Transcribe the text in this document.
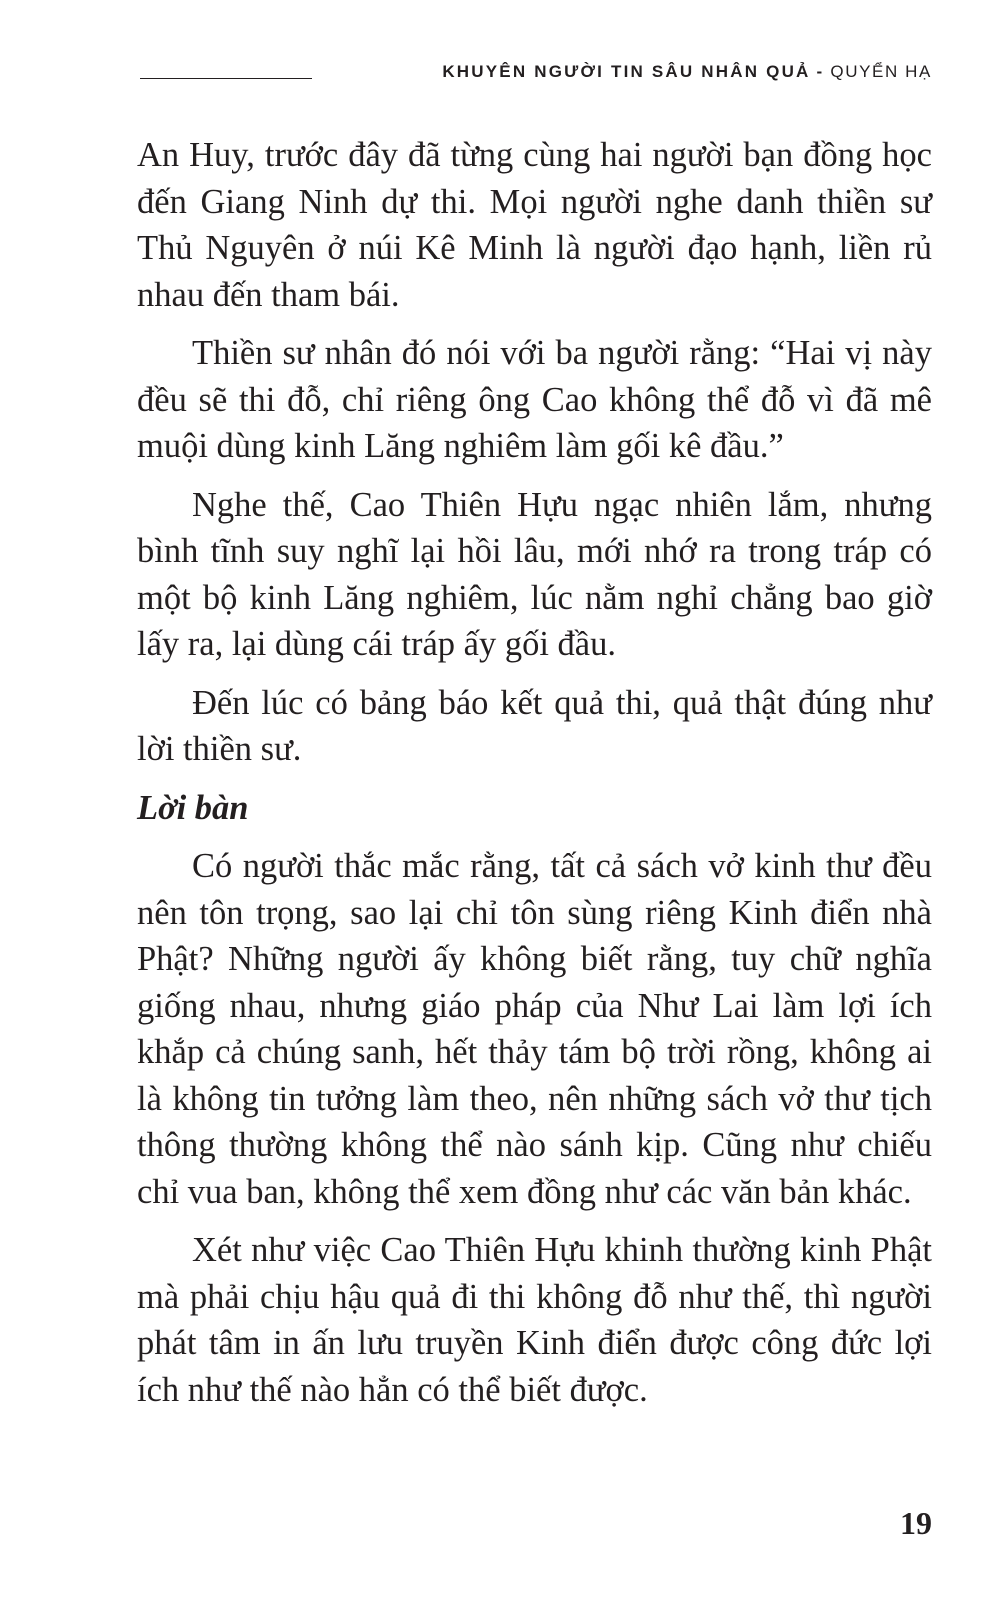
KHUYÊN NGƯỜI TIN SÂU NHÂN QUẢ - QUYỂN HẠ

An Huy, trước đây đã từng cùng hai người bạn đồng học đến Giang Ninh dự thi. Mọi người nghe danh thiền sư Thủ Nguyên ở núi Kê Minh là người đạo hạnh, liền rủ nhau đến tham bái.

Thiền sư nhân đó nói với ba người rằng: “Hai vị này đều sẽ thi đỗ, chỉ riêng ông Cao không thể đỗ vì đã mê muội dùng kinh Lăng nghiêm làm gối kê đầu.”

Nghe thế, Cao Thiên Hựu ngạc nhiên lắm, nhưng bình tĩnh suy nghĩ lại hồi lâu, mới nhớ ra trong tráp có một bộ kinh Lăng nghiêm, lúc nằm nghỉ chẳng bao giờ lấy ra, lại dùng cái tráp ấy gối đầu.

Đến lúc có bảng báo kết quả thi, quả thật đúng như lời thiền sư.

Lời bàn

Có người thắc mắc rằng, tất cả sách vở kinh thư đều nên tôn trọng, sao lại chỉ tôn sùng riêng Kinh điển nhà Phật? Những người ấy không biết rằng, tuy chữ nghĩa giống nhau, nhưng giáo pháp của Như Lai làm lợi ích khắp cả chúng sanh, hết thảy tám bộ trời rồng, không ai là không tin tưởng làm theo, nên những sách vở thư tịch thông thường không thể nào sánh kịp. Cũng như chiếu chỉ vua ban, không thể xem đồng như các văn bản khác.

Xét như việc Cao Thiên Hựu khinh thường kinh Phật mà phải chịu hậu quả đi thi không đỗ như thế, thì người phát tâm in ấn lưu truyền Kinh điển được công đức lợi ích như thế nào hẳn có thể biết được.

19
